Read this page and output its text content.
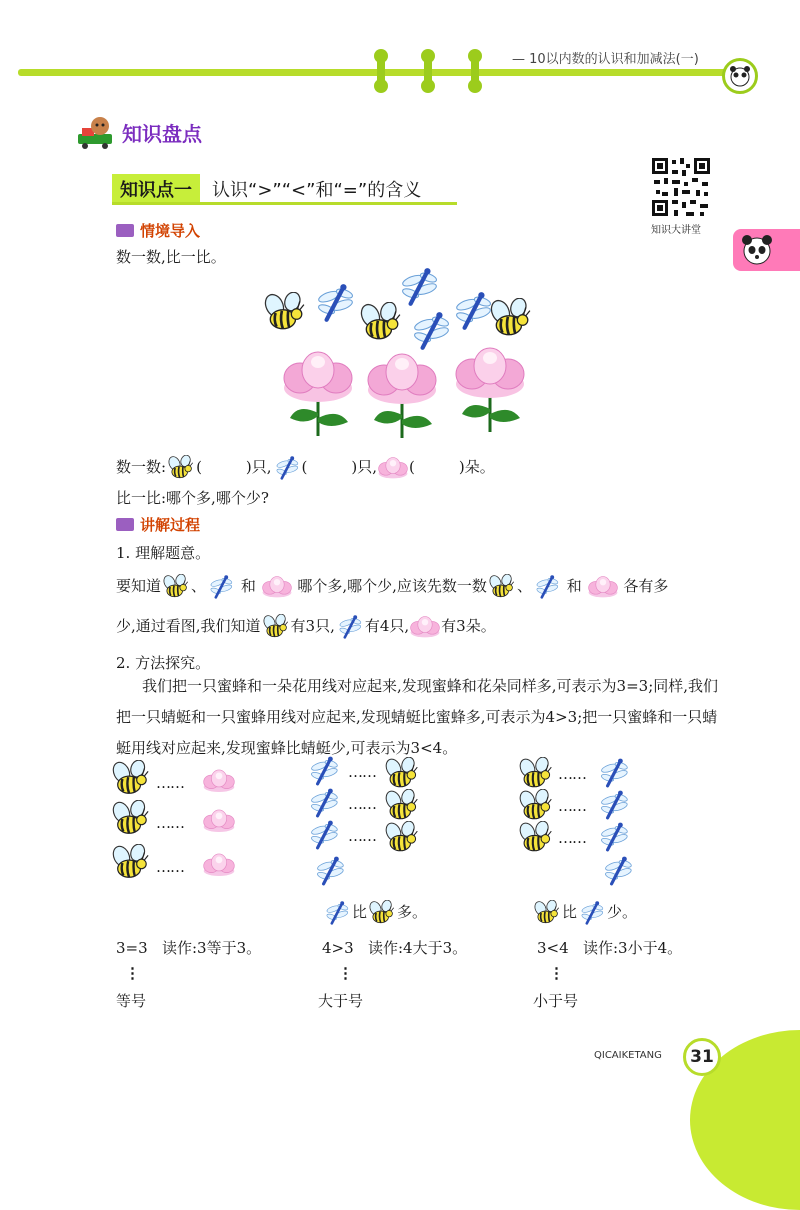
— 10以内数的认识和加减法(一)
知识盘点
知识点一	认识“>”“<”和“=”的含义
知识大讲堂
情境导入
数一数,比一比。
数一数: (	)只, (	)只, (	)朵。
比一比:哪个多,哪个少?
讲解过程
1. 理解题意。
要知道 、 和	哪个多,哪个少,应该先数一数 、 和	各有多
少,通过看图,我们知道 有3只, 有4只, 有3朵。
2. 方法探究。
我们把一只蜜蜂和一朵花用线对应起来,发现蜜蜂和花朵同样多,可表示为3=3;同样,我们把一只蜻蜓和一只蜜蜂用线对应起来,发现蜻蜓比蜜蜂多,可表示为4>3;把一只蜜蜂和一只蜻蜓用线对应起来,发现蜜蜂比蜻蜓少,可表示为3<4。
……
……
……
……
……
……
比 多。
……
……
……
比 少。
3=3 读作:3等于3。	4>3 读作:4大于3。	3<4 读作:3小于4。
⋮	⋮	⋮
等号	大于号	小于号
QICAIKETANG	31
